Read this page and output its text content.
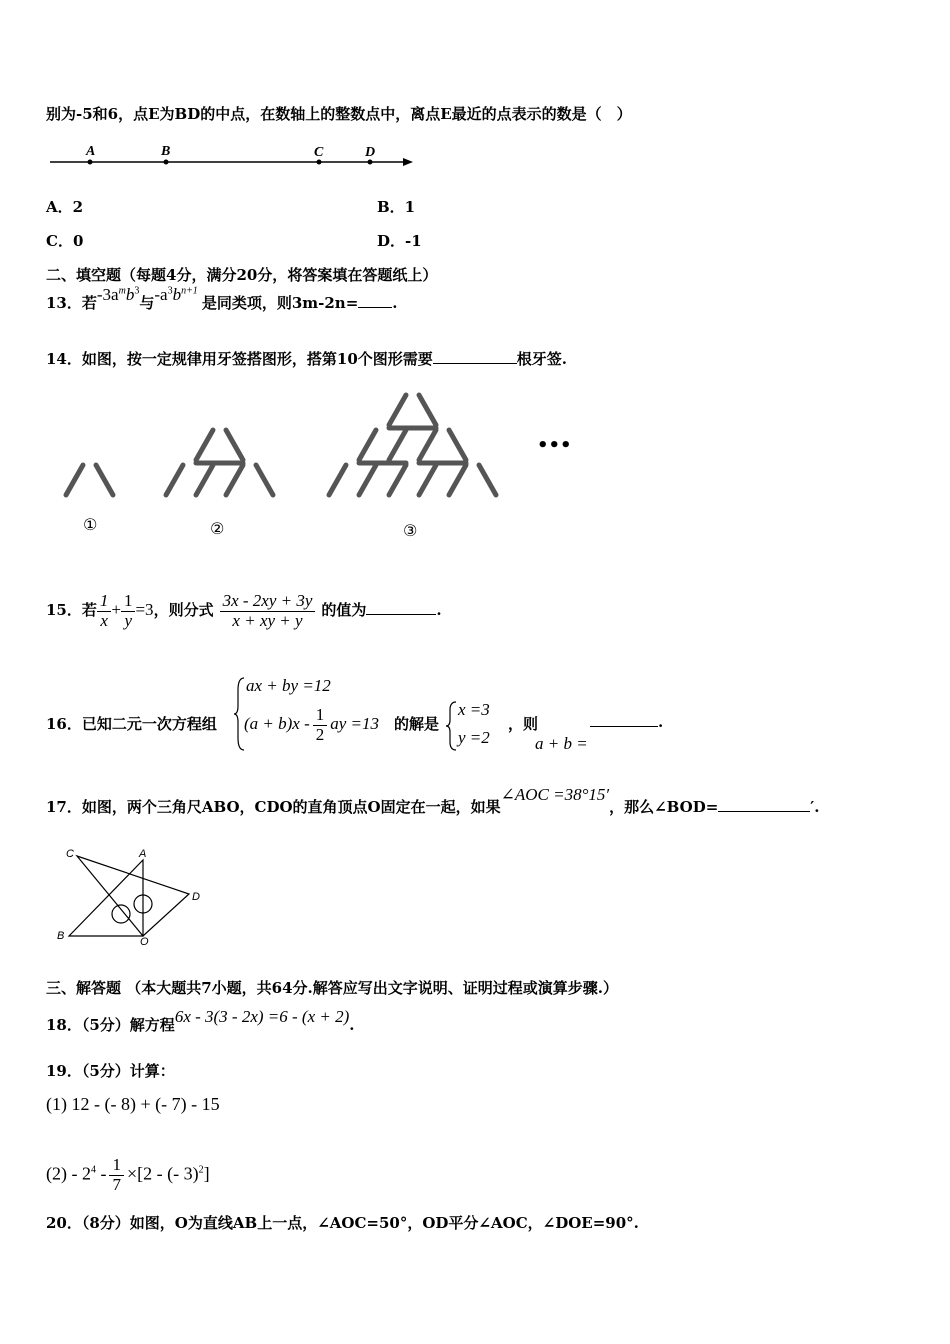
别为-5和6，点E为BD的中点，在数轴上的整数点中，离点E最近的点表示的数是（　）
A	B	C	D
A．2	B．1
C．0	D．-1
二、填空题（每题4分，满分20分，将答案填在答题纸上）
13．若$-3a^mb^3$与$-a^3b^{n+1}$是同类项，则3m-2n= .
14．如图，按一定规律用牙签搭图形，搭第10个图形需要	根牙签.
①	②	③
•••
15．若 $\frac{1}{x} + \frac{1}{y} =3$，则分式 $\frac{3x - 2xy + 3y}{x + xy + y}$ 的值为	.
16．已知二元一次方程组
ax + by =12
$(a + b)x - \frac{1}{2}$ ay =13 的解是
x =3
y =2
，则
a + b =
.
17．如图，两个三角尺ABO，CDO的直角顶点O固定在一起，如果∠AOC =38°15′，那么∠BOD=	′.
C	A
D
B	O
三、解答题 （本大题共7小题，共64分.解答应写出文字说明、证明过程或演算步骤.）
18．（5分）解方程6x - 3(3 - 2x) =6 - (x + 2).
19．（5分）计算：
(1) 12 - (- 8) + (- 7) - 15
$(2) - 2^4 - \frac{1}{7} \times[2$ - (- 3)$^2$]
20．（8分）如图，O为直线AB上一点，∠AOC=50°，OD平分∠AOC，∠DOE=90°.
